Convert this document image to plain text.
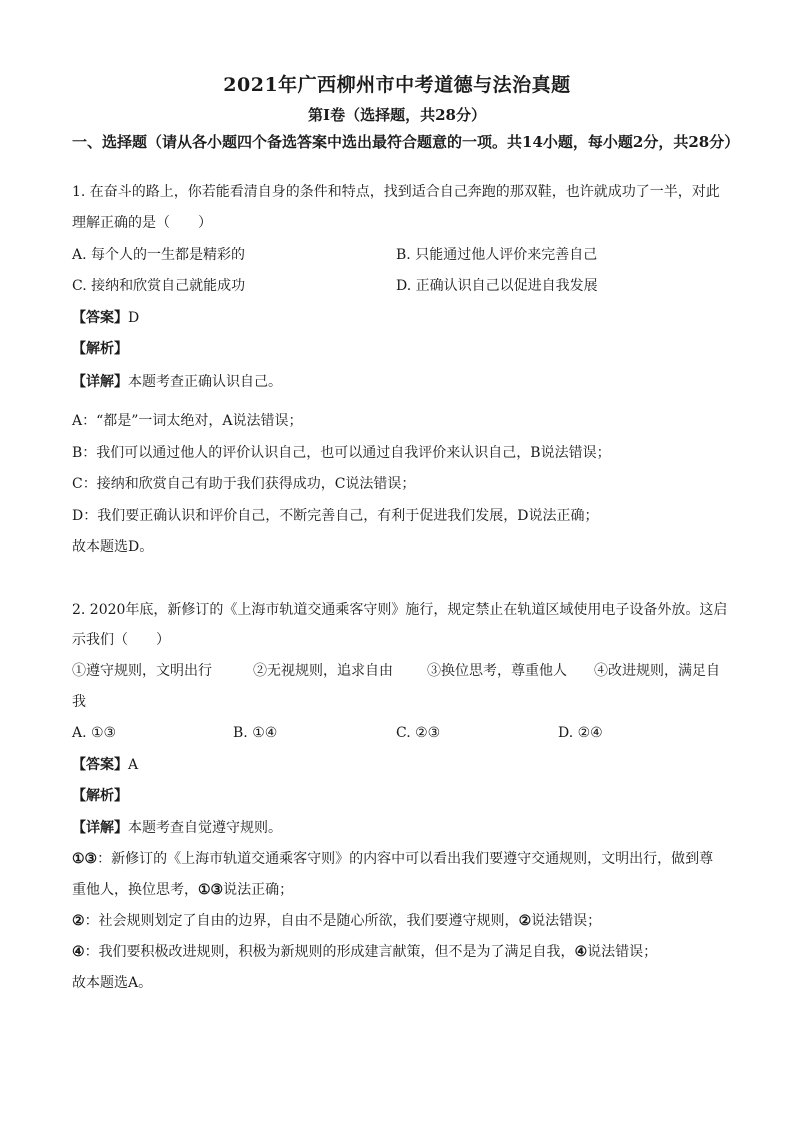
2021年广西柳州市中考道德与法治真题
第Ⅰ卷（选择题，共28分）
一、选择题（请从各小题四个备选答案中选出最符合题意的一项。共14小题，每小题2分，共28分）
1. 在奋斗的路上，你若能看清自身的条件和特点，找到适合自己奔跑的那双鞋，也许就成功了一半，对此
理解正确的是（　　）
A. 每个人的一生都是精彩的	B. 只能通过他人评价来完善自己
C. 接纳和欣赏自己就能成功	D. 正确认识自己以促进自我发展
【答案】D
【解析】
【详解】本题考查正确认识自己。
A：“都是”一词太绝对，A说法错误；
B：我们可以通过他人的评价认识自己，也可以通过自我评价来认识自己，B说法错误；
C：接纳和欣赏自己有助于我们获得成功，C说法错误；
D：我们要正确认识和评价自己，不断完善自己，有利于促进我们发展，D说法正确；
故本题选D。
2. 2020年底，新修订的《上海市轨道交通乘客守则》施行，规定禁止在轨道区域使用电子设备外放。这启
示我们（　　）
①遵守规则，文明出行	②无视规则，追求自由 ③换位思考，尊重他人 ④改进规则，满足自
我
A. ①③	B. ①④	C. ②③	D. ②④
【答案】A
【解析】
【详解】本题考查自觉遵守规则。
①③：新修订的《上海市轨道交通乘客守则》的内容中可以看出我们要遵守交通规则，文明出行，做到尊
重他人，换位思考，①③说法正确；
②：社会规则划定了自由的边界，自由不是随心所欲，我们要遵守规则，②说法错误；
④：我们要积极改进规则，积极为新规则的形成建言献策，但不是为了满足自我，④说法错误；
故本题选A。
